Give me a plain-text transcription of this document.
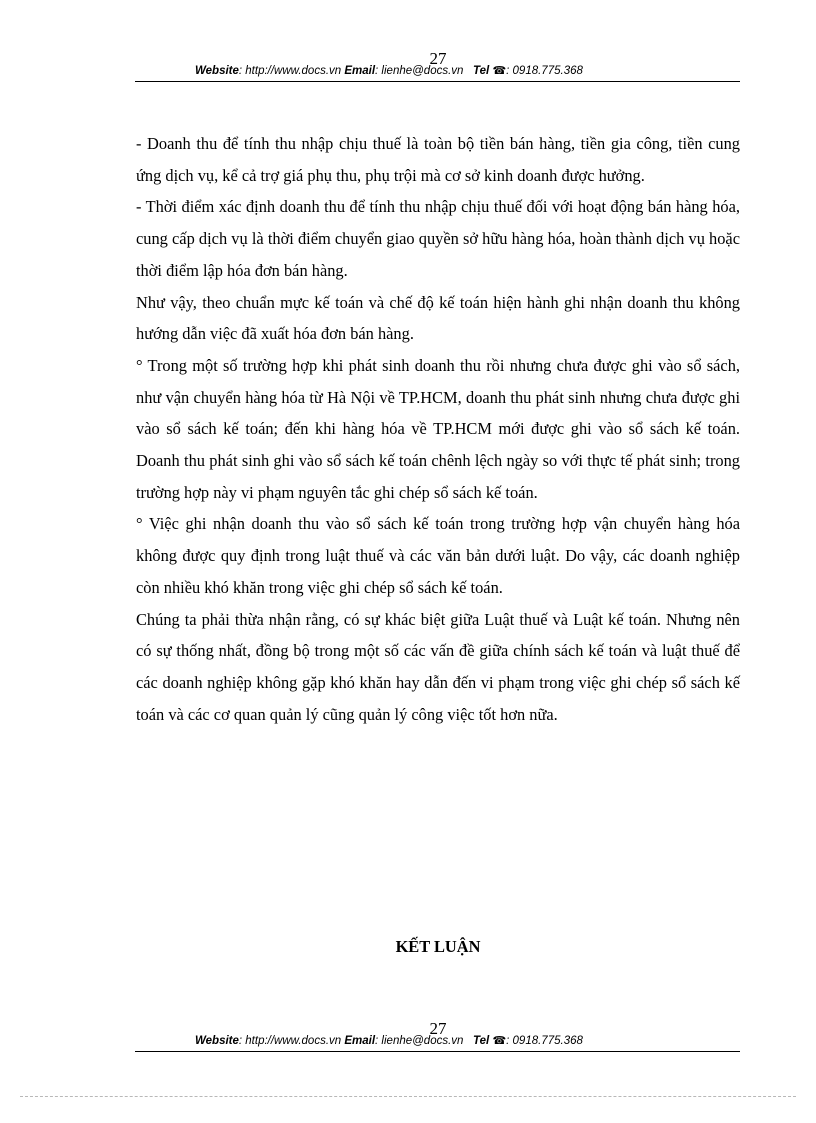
27
Website: http://www.docs.vn Email: lienhe@docs.vn Tel ☎: 0918.775.368

- Doanh thu để tính thu nhập chịu thuế là toàn bộ tiền bán hàng, tiền gia công, tiền cung ứng dịch vụ, kể cả trợ giá phụ thu, phụ trội mà cơ sở kinh doanh được hưởng.

- Thời điểm xác định doanh thu để tính thu nhập chịu thuế đối với hoạt động bán hàng hóa, cung cấp dịch vụ là thời điểm chuyển giao quyền sở hữu hàng hóa, hoàn thành dịch vụ hoặc thời điểm lập hóa đơn bán hàng.

Như vậy, theo chuẩn mực kế toán và chế độ kế toán hiện hành ghi nhận doanh thu không hướng dẫn việc đã xuất hóa đơn bán hàng.

° Trong một số trường hợp khi phát sinh doanh thu rồi nhưng chưa được ghi vào sổ sách, như vận chuyển hàng hóa từ Hà Nội về TP.HCM, doanh thu phát sinh nhưng chưa được ghi vào sổ sách kế toán; đến khi hàng hóa về TP.HCM mới được ghi vào sổ sách kế toán. Doanh thu phát sinh ghi vào sổ sách kế toán chênh lệch ngày so với thực tế phát sinh; trong trường hợp này vi phạm nguyên tắc ghi chép sổ sách kế toán.

° Việc ghi nhận doanh thu vào sổ sách kế toán trong trường hợp vận chuyển hàng hóa không được quy định trong luật thuế và các văn bản dưới luật. Do vậy, các doanh nghiệp còn nhiều khó khăn trong việc ghi chép sổ sách kế toán.

Chúng ta phải thừa nhận rằng, có sự khác biệt giữa Luật thuế và Luật kế toán. Nhưng nên có sự thống nhất, đồng bộ trong một số các vấn đề giữa chính sách kế toán và luật thuế để các doanh nghiệp không gặp khó khăn hay dẫn đến vi phạm trong việc ghi chép sổ sách kế toán và các cơ quan quản lý cũng quản lý công việc tốt hơn nữa.

KẾT LUẬN
27
Website: http://www.docs.vn Email: lienhe@docs.vn Tel ☎: 0918.775.368
